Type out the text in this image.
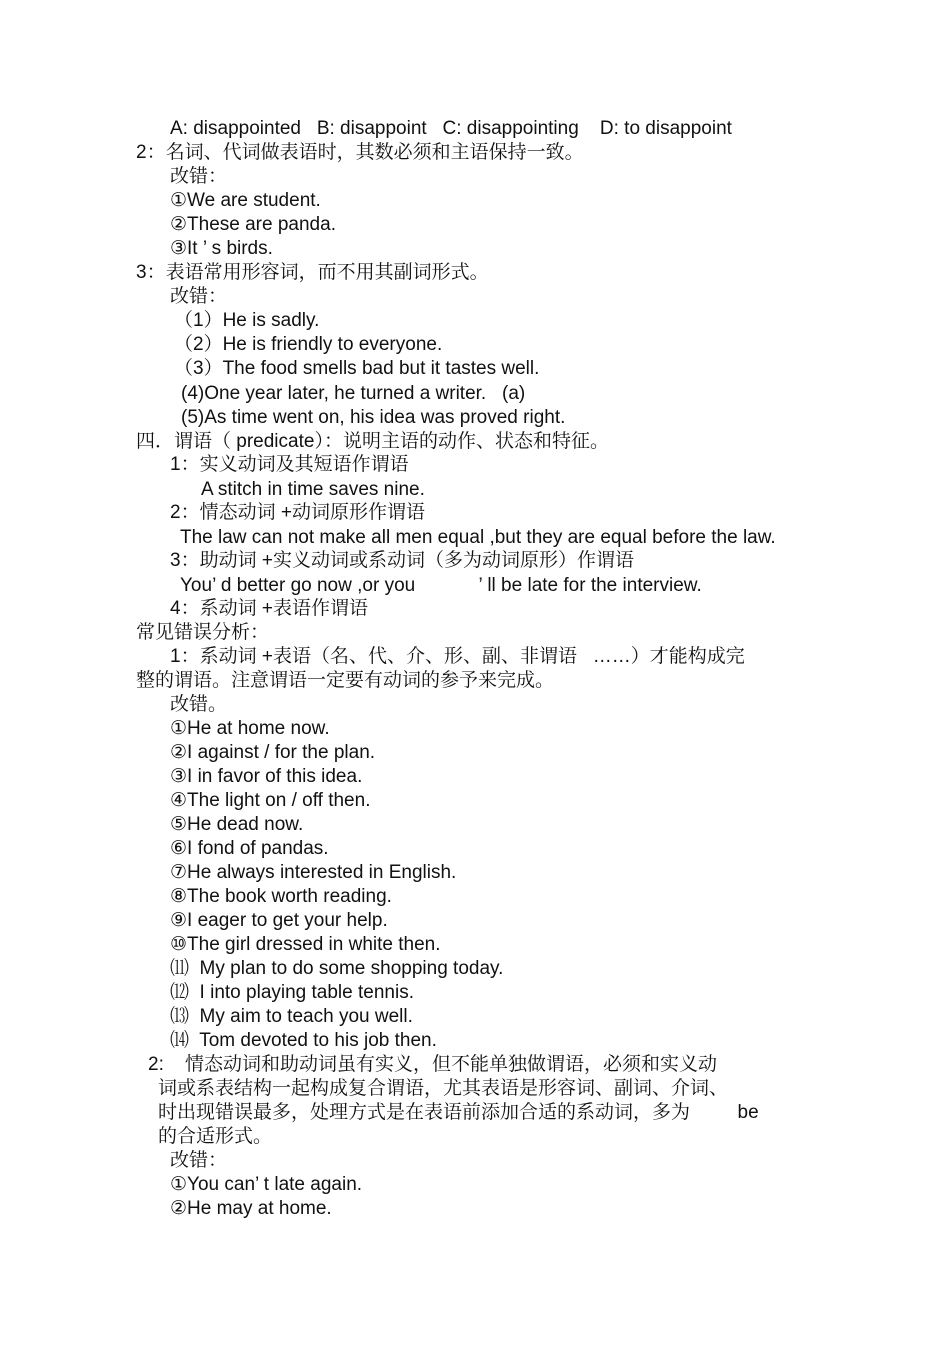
A: disappointed   B: disappoint   C: disappointing    D: to disappoint
2：名词、代词做表语时，其数必须和主语保持一致。
改错：
①We are student.
②These are panda.
③It ’ s birds.
3：表语常用形容词，而不用其副词形式。
改错：
（1）He is sadly.
（2）He is friendly to everyone.
（3）The food smells bad but it tastes well.
(4)One year later, he turned a writer.   (a)
(5)As time went on, his idea was proved right.
四．谓语（ predicate）：说明主语的动作、状态和特征。
1：实义动词及其短语作谓语
A stitch in time saves nine.
2：情态动词 +动词原形作谓语
The law can not make all men equal ,but they are equal before the law.
3：助动词 +实义动词或系动词（多为动词原形）作谓语
You’ d better go now ,or you            ’ ll be late for the interview.
4：系动词 +表语作谓语
常见错误分析：
1：系动词 +表语（名、代、介、形、副、非谓语   ……）才能构成完
整的谓语。注意谓语一定要有动词的参予来完成。
改错。
①He at home now.
②I against / for the plan.
③I in favor of this idea.
④The light on / off then.
⑤He dead now.
⑥I fond of pandas.
⑦He always interested in English.
⑧The book worth reading.
⑨I eager to get your help.
⑩The girl dressed in white then.
⑾  My plan to do some shopping today.
⑿  I into playing table tennis.
⒀  My aim to teach you well.
⒁  Tom devoted to his job then.
2:    情态动词和助动词虽有实义，但不能单独做谓语，必须和实义动
词或系表结构一起构成复合谓语，尤其表语是形容词、副词、介词、
时出现错误最多，处理方式是在表语前添加合适的系动词，多为         be
的合适形式。
改错：
①You can’ t late again.
②He may at home.
